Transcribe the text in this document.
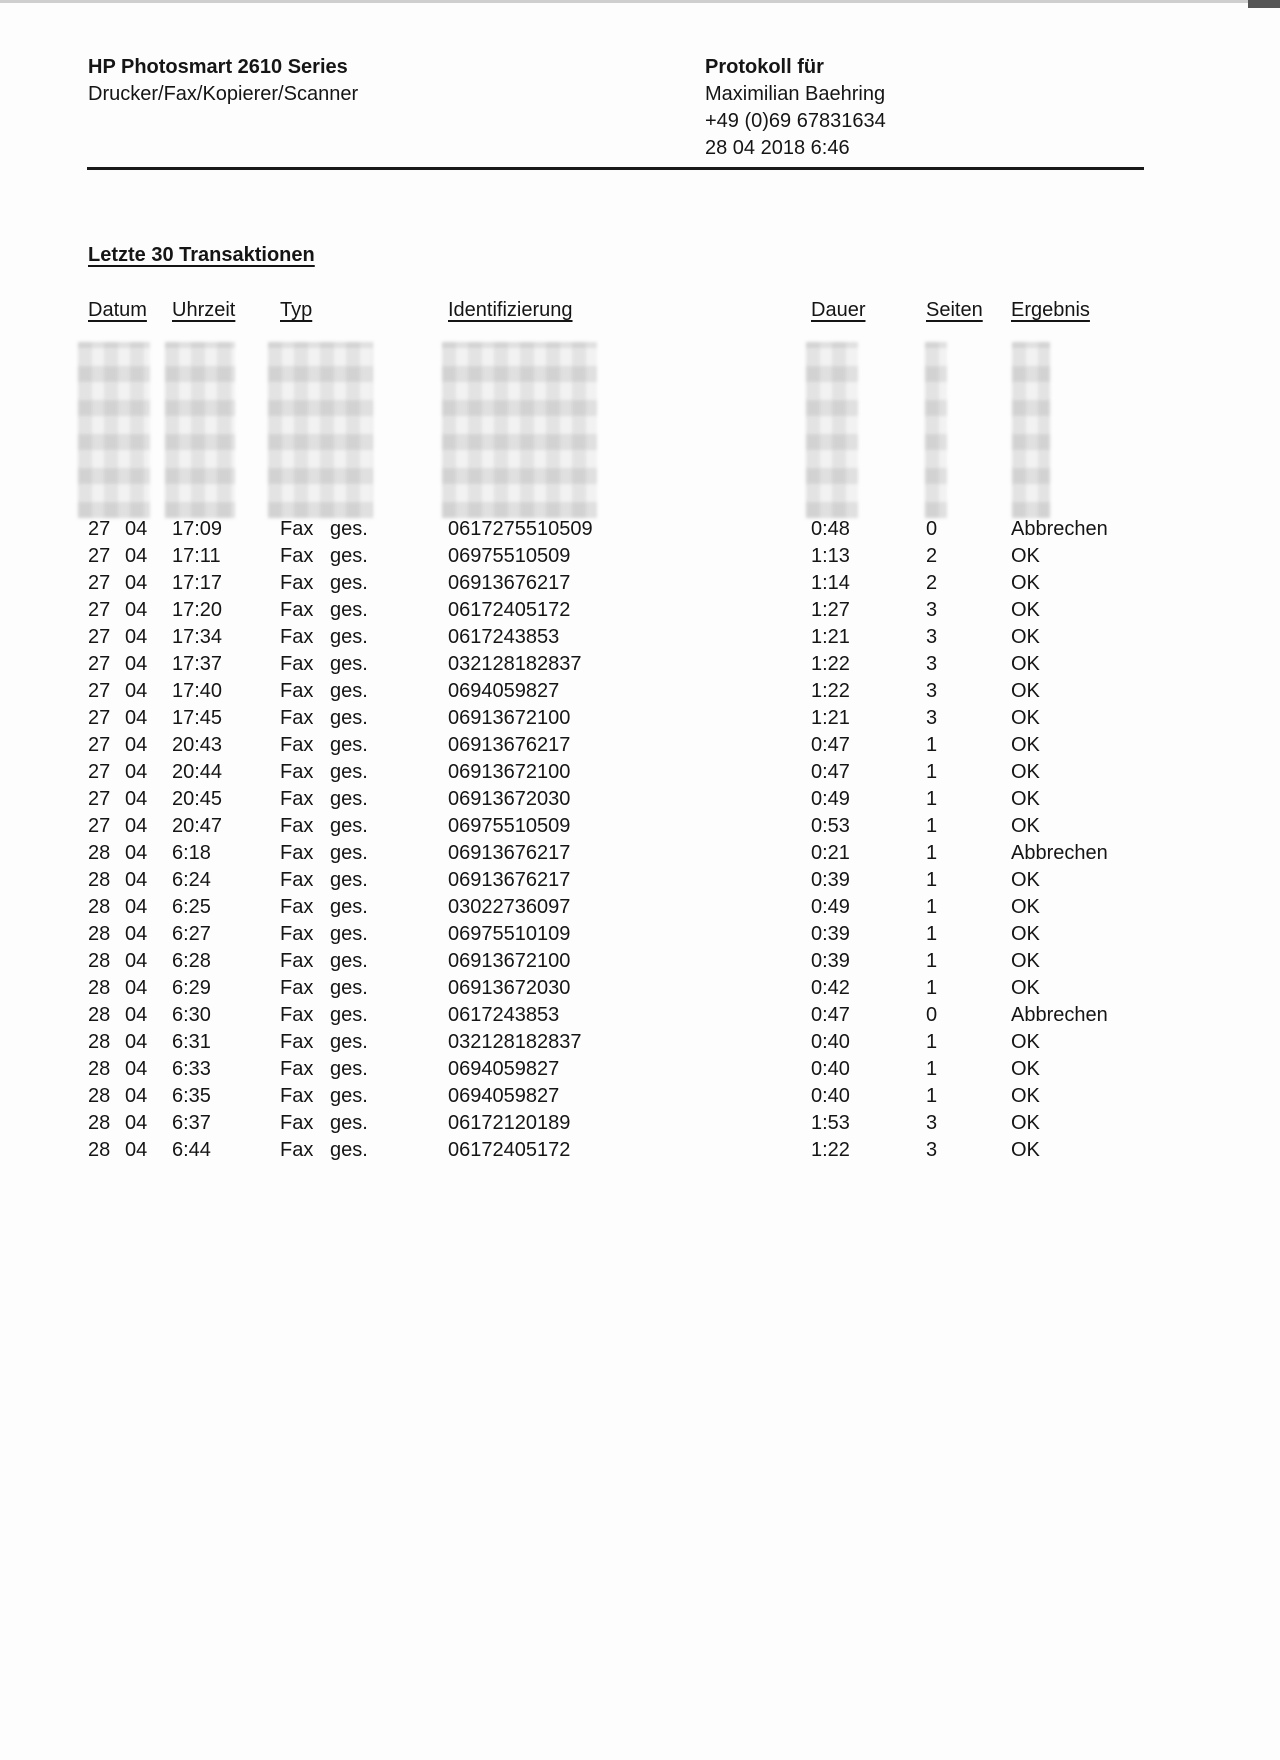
HP Photosmart 2610 Series
Drucker/Fax/Kopierer/Scanner
Protokoll für
Maximilian Baehring
+49 (0)69 67831634
28 04 2018 6:46
Letzte 30 Transaktionen
Datum Uhrzeit Typ	Identifizierung	Dauer	Seiten Ergebnis
27 04 17:09	Fax ges.	0617275510509	0:48	0	Abbrechen
27 04 17:11	Fax ges.	06975510509	1:13	2	OK
27 04 17:17	Fax ges.	06913676217	1:14	2	OK
27 04 17:20	Fax ges.	06172405172	1:27	3	OK
27 04 17:34	Fax ges.	0617243853	1:21	3	OK
27 04 17:37	Fax ges.	032128182837	1:22	3	OK
27 04 17:40	Fax ges.	0694059827	1:22	3	OK
27 04 17:45	Fax ges.	06913672100	1:21	3	OK
27 04 20:43	Fax ges.	06913676217	0:47	1	OK
27 04 20:44	Fax ges.	06913672100	0:47	1	OK
27 04 20:45	Fax ges.	06913672030	0:49	1	OK
27 04 20:47	Fax ges.	06975510509	0:53	1	OK
28 04 6:18	Fax ges.	06913676217	0:21	1	Abbrechen
28 04 6:24	Fax ges.	06913676217	0:39	1	OK
28 04 6:25	Fax ges.	03022736097	0:49	1	OK
28 04 6:27	Fax ges.	06975510109	0:39	1	OK
28 04 6:28	Fax ges.	06913672100	0:39	1	OK
28 04 6:29	Fax ges.	06913672030	0:42	1	OK
28 04 6:30	Fax ges.	0617243853	0:47	0	Abbrechen
28 04 6:31	Fax ges.	032128182837	0:40	1	OK
28 04 6:33	Fax ges.	0694059827	0:40	1	OK
28 04 6:35	Fax ges.	0694059827	0:40	1	OK
28 04 6:37	Fax ges.	06172120189	1:53	3	OK
28 04 6:44	Fax ges.	06172405172	1:22	3	OK
